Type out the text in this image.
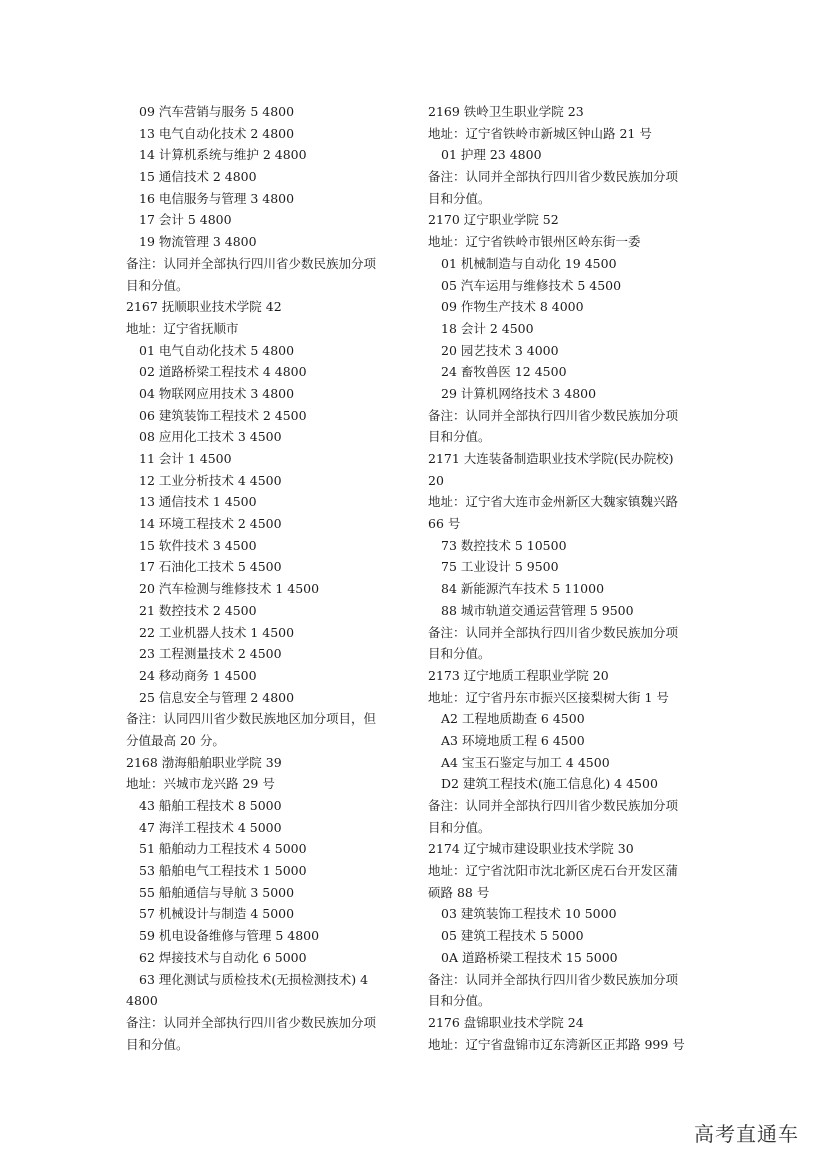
09 汽车营销与服务 5 4800
13 电气自动化技术 2 4800
14 计算机系统与维护 2 4800
15 通信技术 2 4800
16 电信服务与管理 3 4800
17 会计 5 4800
19 物流管理 3 4800
备注：认同并全部执行四川省少数民族加分项
目和分值。
2167 抚顺职业技术学院 42
地址：辽宁省抚顺市
01 电气自动化技术 5 4800
02 道路桥梁工程技术 4 4800
04 物联网应用技术 3 4800
06 建筑装饰工程技术 2 4500
08 应用化工技术 3 4500
11 会计 1 4500
12 工业分析技术 4 4500
13 通信技术 1 4500
14 环境工程技术 2 4500
15 软件技术 3 4500
17 石油化工技术 5 4500
20 汽车检测与维修技术 1 4500
21 数控技术 2 4500
22 工业机器人技术 1 4500
23 工程测量技术 2 4500
24 移动商务 1 4500
25 信息安全与管理 2 4800
备注：认同四川省少数民族地区加分项目，但
分值最高 20 分。
2168 渤海船舶职业学院 39
地址：兴城市龙兴路 29 号
43 船舶工程技术 8 5000
47 海洋工程技术 4 5000
51 船舶动力工程技术 4 5000
53 船舶电气工程技术 1 5000
55 船舶通信与导航 3 5000
57 机械设计与制造 4 5000
59 机电设备维修与管理 5 4800
62 焊接技术与自动化 6 5000
63 理化测试与质检技术(无损检测技术) 4
4800
备注：认同并全部执行四川省少数民族加分项
目和分值。
2169 铁岭卫生职业学院 23
地址：辽宁省铁岭市新城区钟山路 21 号
01 护理 23 4800
备注：认同并全部执行四川省少数民族加分项
目和分值。
2170 辽宁职业学院 52
地址：辽宁省铁岭市银州区岭东街一委
01 机械制造与自动化 19 4500
05 汽车运用与维修技术 5 4500
09 作物生产技术 8 4000
18 会计 2 4500
20 园艺技术 3 4000
24 畜牧兽医 12 4500
29 计算机网络技术 3 4800
备注：认同并全部执行四川省少数民族加分项
目和分值。
2171 大连装备制造职业技术学院(民办院校)
20
地址：辽宁省大连市金州新区大魏家镇魏兴路
66 号
73 数控技术 5 10500
75 工业设计 5 9500
84 新能源汽车技术 5 11000
88 城市轨道交通运营管理 5 9500
备注：认同并全部执行四川省少数民族加分项
目和分值。
2173 辽宁地质工程职业学院 20
地址：辽宁省丹东市振兴区接梨树大街 1 号
A2 工程地质勘查 6 4500
A3 环境地质工程 6 4500
A4 宝玉石鉴定与加工 4 4500
D2 建筑工程技术(施工信息化) 4 4500
备注：认同并全部执行四川省少数民族加分项
目和分值。
2174 辽宁城市建设职业技术学院 30
地址：辽宁省沈阳市沈北新区虎石台开发区蒲
硕路 88 号
03 建筑装饰工程技术 10 5000
05 建筑工程技术 5 5000
0A 道路桥梁工程技术 15 5000
备注：认同并全部执行四川省少数民族加分项
目和分值。
2176 盘锦职业技术学院 24
地址：辽宁省盘锦市辽东湾新区正邦路 999 号
高考直通车
